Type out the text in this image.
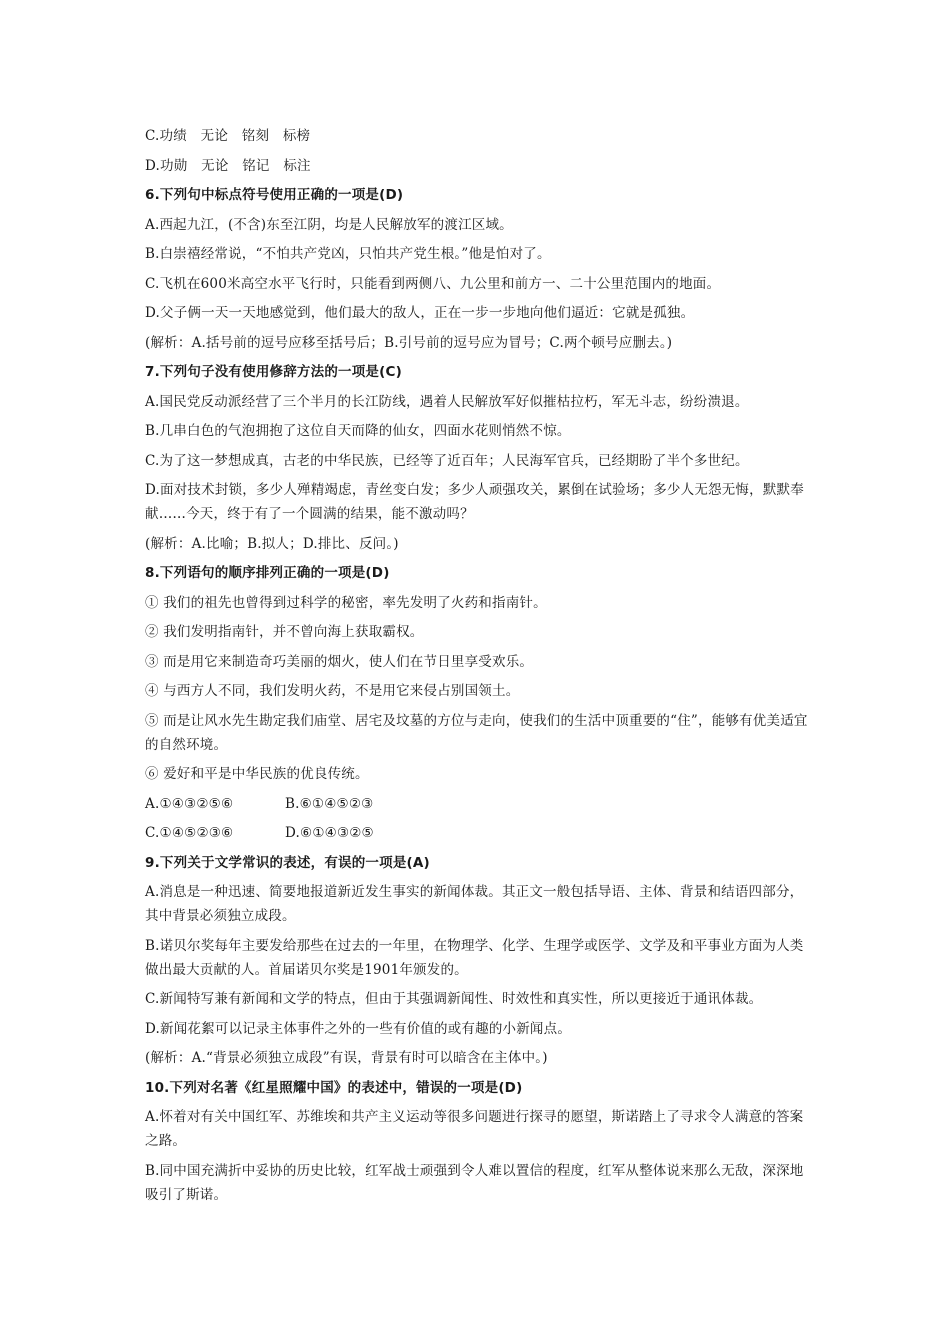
C.功绩　无论　铭刻　标榜

D.功勋　无论　铭记　标注

6.下列句中标点符号使用正确的一项是(D)

A.西起九江，(不含)东至江阴，均是人民解放军的渡江区域。

B.白崇禧经常说，“不怕共产党凶，只怕共产党生根。”他是怕对了。

C.飞机在600米高空水平飞行时，只能看到两侧八、九公里和前方一、二十公里范围内的地面。

D.父子俩一天一天地感觉到，他们最大的敌人，正在一步一步地向他们逼近：它就是孤独。

(解析：A.括号前的逗号应移至括号后；B.引号前的逗号应为冒号；C.两个顿号应删去。)

7.下列句子没有使用修辞方法的一项是(C)

A.国民党反动派经营了三个半月的长江防线，遇着人民解放军好似摧枯拉朽，军无斗志，纷纷溃退。

B.几串白色的气泡拥抱了这位自天而降的仙女，四面水花则悄然不惊。

C.为了这一梦想成真，古老的中华民族，已经等了近百年；人民海军官兵，已经期盼了半个多世纪。

D.面对技术封锁，多少人殚精竭虑，青丝变白发；多少人顽强攻关，累倒在试验场；多少人无怨无悔，默默奉献……今天，终于有了一个圆满的结果，能不激动吗？

(解析：A.比喻；B.拟人；D.排比、反问。)

8.下列语句的顺序排列正确的一项是(D)

① 我们的祖先也曾得到过科学的秘密，率先发明了火药和指南针。

② 我们发明指南针，并不曾向海上获取霸权。

③ 而是用它来制造奇巧美丽的烟火，使人们在节日里享受欢乐。

④ 与西方人不同，我们发明火药，不是用它来侵占别国领土。

⑤ 而是让风水先生勘定我们庙堂、居宅及坟墓的方位与走向，使我们的生活中顶重要的“住”，能够有优美适宜的自然环境。

⑥ 爱好和平是中华民族的优良传统。

A.①④③②⑤⑥	B.⑥①④⑤②③
C.①④⑤②③⑥	D.⑥①④③②⑤

9.下列关于文学常识的表述，有误的一项是(A)

A.消息是一种迅速、简要地报道新近发生事实的新闻体裁。其正文一般包括导语、主体、背景和结语四部分，其中背景必须独立成段。

B.诺贝尔奖每年主要发给那些在过去的一年里，在物理学、化学、生理学或医学、文学及和平事业方面为人类做出最大贡献的人。首届诺贝尔奖是1901年颁发的。

C.新闻特写兼有新闻和文学的特点，但由于其强调新闻性、时效性和真实性，所以更接近于通讯体裁。

D.新闻花絮可以记录主体事件之外的一些有价值的或有趣的小新闻点。

(解析：A.“背景必须独立成段”有误，背景有时可以暗含在主体中。)

10.下列对名著《红星照耀中国》的表述中，错误的一项是(D)

A.怀着对有关中国红军、苏维埃和共产主义运动等很多问题进行探寻的愿望，斯诺踏上了寻求令人满意的答案之路。

B.同中国充满折中妥协的历史比较，红军战士顽强到令人难以置信的程度，红军从整体说来那么无敌，深深地吸引了斯诺。
